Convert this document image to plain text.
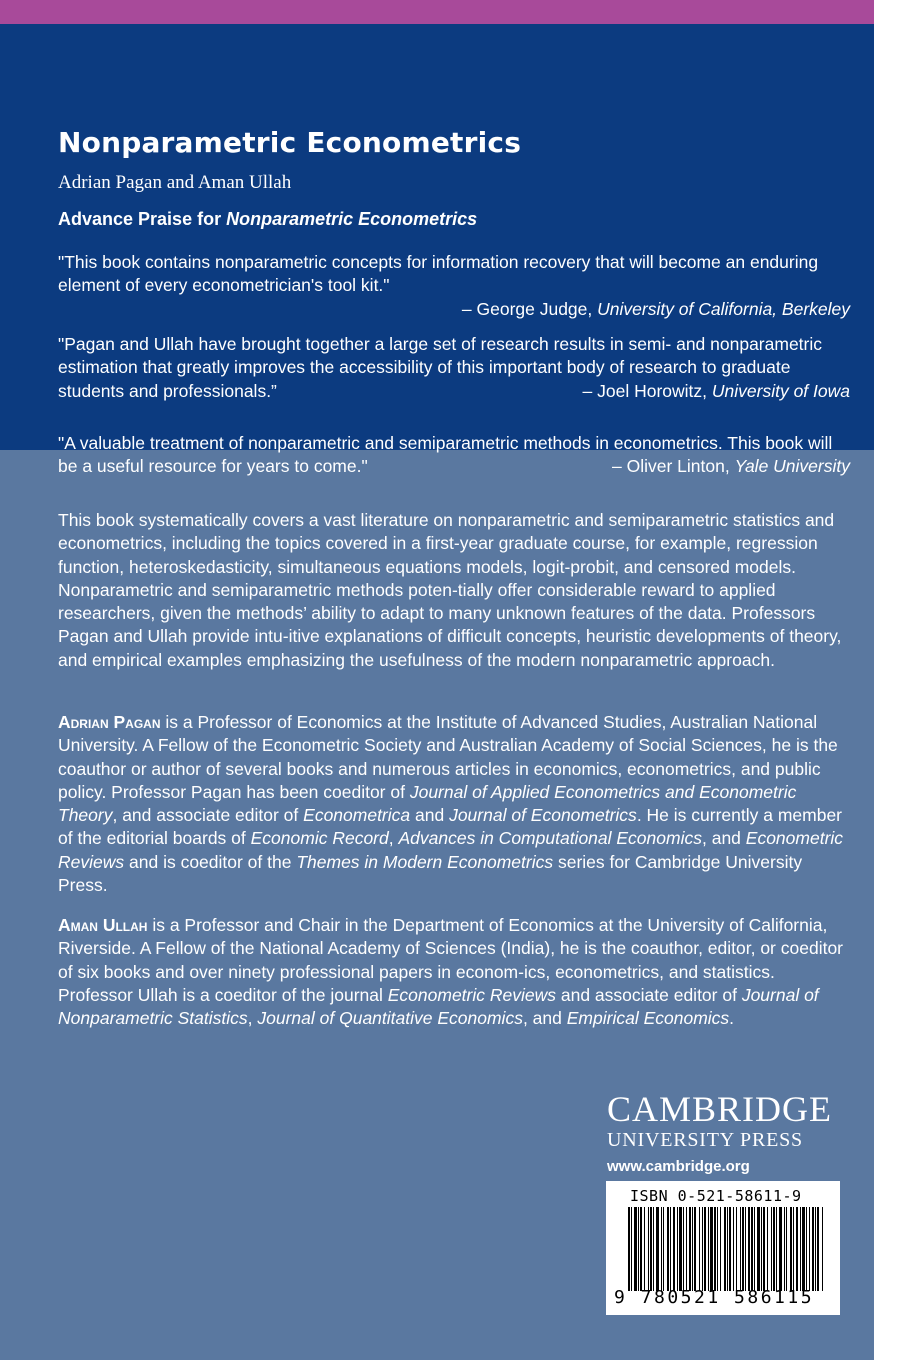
Nonparametric Econometrics

Adrian Pagan and Aman Ullah

Advance Praise for Nonparametric Econometrics

"This book contains nonparametric concepts for information recovery that will become an enduring element of every econometrician's tool kit."
– George Judge, University of California, Berkeley
"Pagan and Ullah have brought together a large set of research results in semi- and nonparametric estimation that greatly improves the accessibility of this important body of research to graduate students and professionals.”	– Joel Horowitz, University of Iowa
"A valuable treatment of nonparametric and semiparametric methods in econometrics. This book will be a useful resource for years to come."	– Oliver Linton, Yale University

This book systematically covers a vast literature on nonparametric and semiparametric statistics and econometrics, including the topics covered in a first-year graduate course, for example, regression function, heteroskedasticity, simultaneous equations models, logit-probit, and censored models. Nonparametric and semiparametric methods poten-tially offer considerable reward to applied researchers, given the methods’ ability to adapt to many unknown features of the data. Professors Pagan and Ullah provide intu-itive explanations of difficult concepts, heuristic developments of theory, and empirical examples emphasizing the usefulness of the modern nonparametric approach.

Adrian Pagan is a Professor of Economics at the Institute of Advanced Studies, Australian National University. A Fellow of the Econometric Society and Australian Academy of Social Sciences, he is the coauthor or author of several books and numerous articles in economics, econometrics, and public policy. Professor Pagan has been coeditor of Journal of Applied Econometrics and Econometric Theory, and associate editor of Econometrica and Journal of Econometrics. He is currently a member of the editorial boards of Economic Record, Advances in Computational Economics, and Econometric Reviews and is coeditor of the Themes in Modern Econometrics series for Cambridge University Press.

Aman Ullah is a Professor and Chair in the Department of Economics at the University of California, Riverside. A Fellow of the National Academy of Sciences (India), he is the coauthor, editor, or coeditor of six books and over ninety professional papers in econom-ics, econometrics, and statistics. Professor Ullah is a coeditor of the journal Econometric Reviews and associate editor of Journal of Nonparametric Statistics, Journal of Quantitative Economics, and Empirical Economics.

CAMBRIDGE
UNIVERSITY PRESS
www.cambridge.org
ISBN 0-521-58611-9
9 780521 586115
